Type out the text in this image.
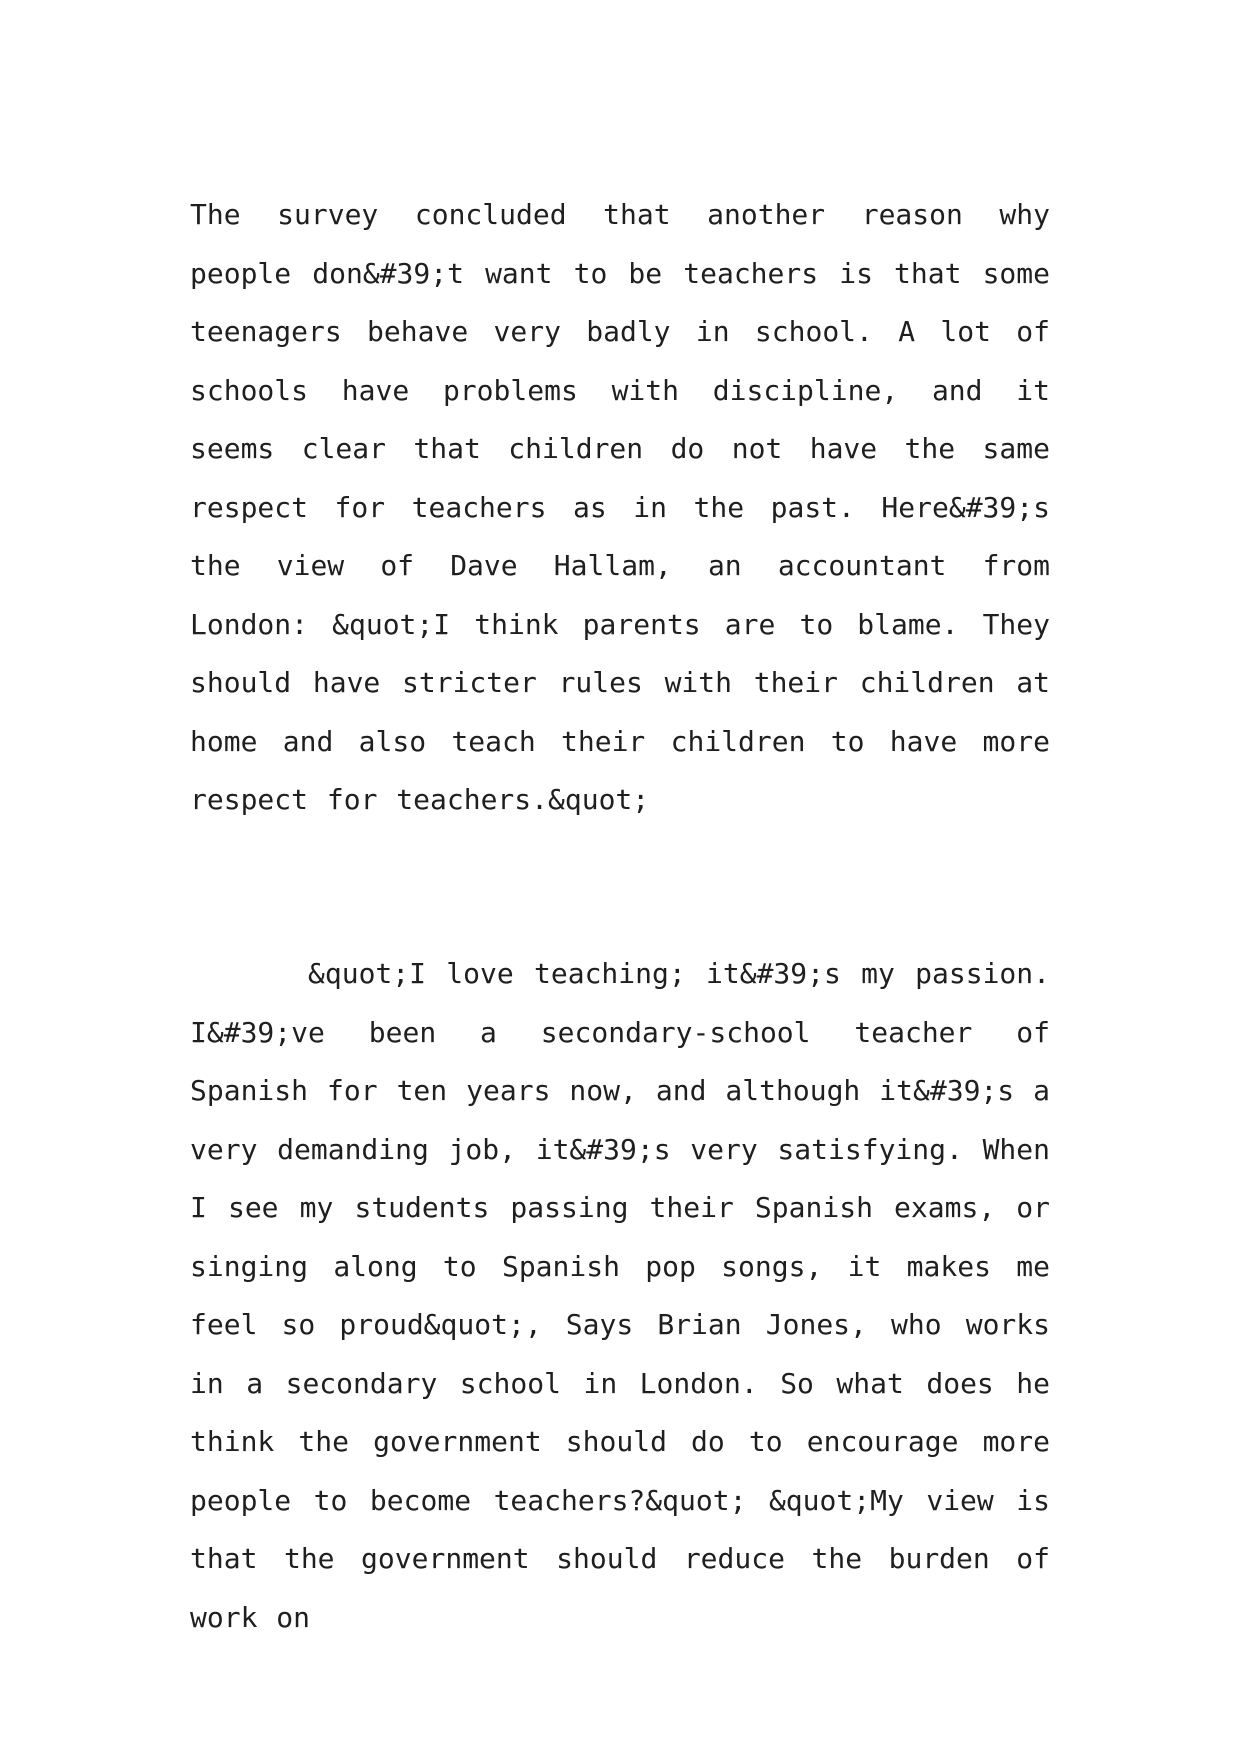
The survey concluded that another reason why people don&#39;t want to be teachers is that some teenagers behave very badly in school. A lot of schools have problems with discipline, and it seems clear that children do not have the same respect for teachers as in the past. Here&#39;s the view of Dave Hallam, an accountant from London: &quot;I think parents are to blame. They should have stricter rules with their children at home and also teach their children to have more respect for teachers.&quot;

&quot;I love teaching; it&#39;s my passion. I&#39;ve been a secondary-school teacher of Spanish for ten years now, and although it&#39;s a very demanding job, it&#39;s very satisfying. When I see my students passing their Spanish exams, or singing along to Spanish pop songs, it makes me feel so proud&quot;, Says Brian Jones, who works in a secondary school in London. So what does he think the government should do to encourage more people to become teachers?&quot; &quot;My view is that the government should reduce the burden of work on
